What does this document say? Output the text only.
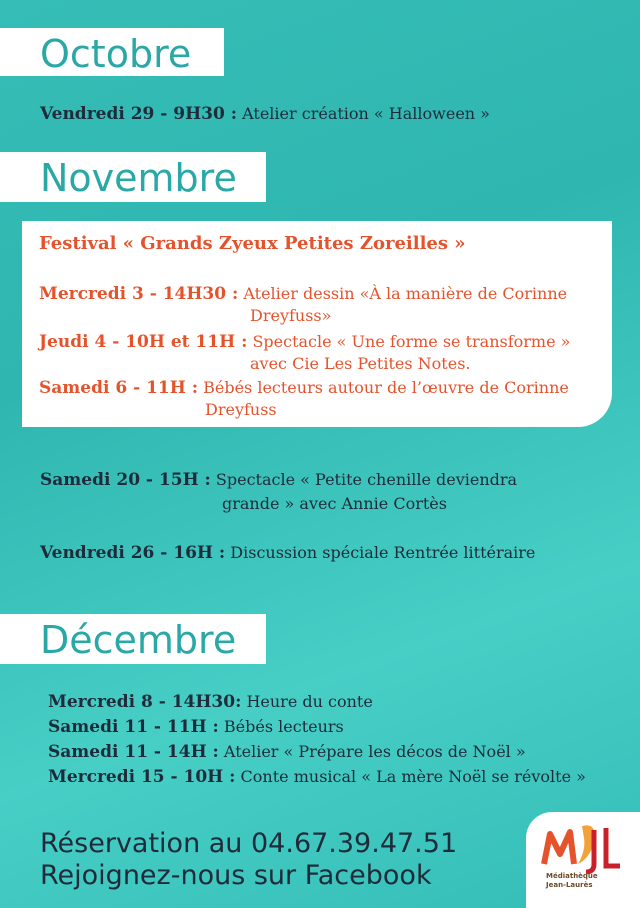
Octobre
Vendredi 29 - 9H30 : Atelier création « Halloween »
Novembre
Festival « Grands Zyeux Petites Zoreilles »
Mercredi 3 - 14H30 : Atelier dessin «À la manière de Corinne
Dreyfuss»
Jeudi 4 - 10H et 11H : Spectacle « Une forme se transforme »
avec Cie Les Petites Notes.
Samedi 6 - 11H : Bébés lecteurs autour de l’œuvre de Corinne
Dreyfuss
Samedi 20 - 15H : Spectacle « Petite chenille deviendra
grande » avec Annie Cortès
Vendredi 26 - 16H : Discussion spéciale Rentrée littéraire
Décembre
Mercredi 8 - 14H30: Heure du conte
Samedi 11 - 11H : Bébés lecteurs
Samedi 11 - 14H : Atelier « Prépare les décos de Noël »
Mercredi 15 - 10H : Conte musical « La mère Noël se révolte »
Réservation au 04.67.39.47.51
Rejoignez-nous sur Facebook	Médiathèque
Jean-Laurès
